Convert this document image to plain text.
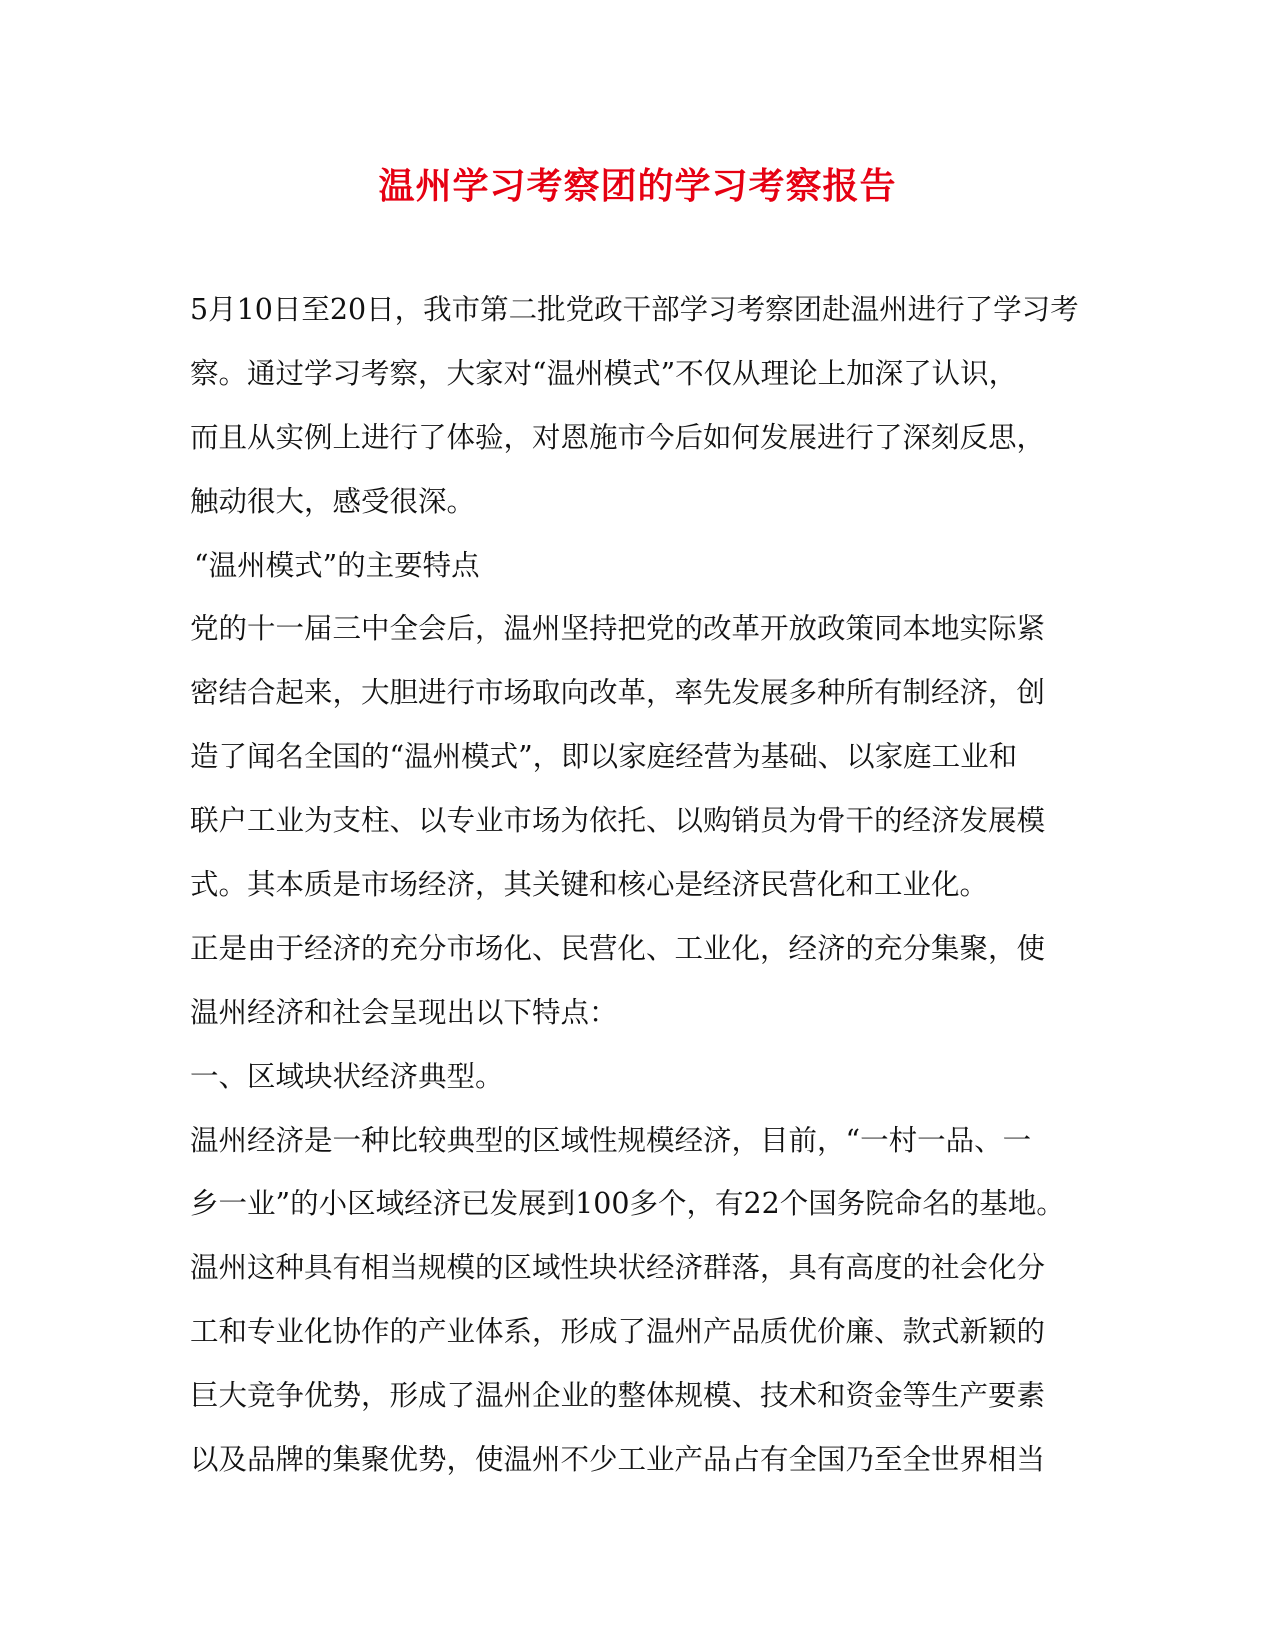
温州学习考察团的学习考察报告
5月10日至20日，我市第二批党政干部学习考察团赴温州进行了学习考
察。通过学习考察，大家对“温州模式”不仅从理论上加深了认识，
而且从实例上进行了体验，对恩施市今后如何发展进行了深刻反思，
触动很大，感受很深。
“温州模式”的主要特点
党的十一届三中全会后，温州坚持把党的改革开放政策同本地实际紧
密结合起来，大胆进行市场取向改革，率先发展多种所有制经济，创
造了闻名全国的“温州模式”，即以家庭经营为基础、以家庭工业和
联户工业为支柱、以专业市场为依托、以购销员为骨干的经济发展模
式。其本质是市场经济，其关键和核心是经济民营化和工业化。
正是由于经济的充分市场化、民营化、工业化，经济的充分集聚，使
温州经济和社会呈现出以下特点：
一、区域块状经济典型。
温州经济是一种比较典型的区域性规模经济，目前，“一村一品、一
乡一业”的小区域经济已发展到100多个，有22个国务院命名的基地。
温州这种具有相当规模的区域性块状经济群落，具有高度的社会化分
工和专业化协作的产业体系，形成了温州产品质优价廉、款式新颖的
巨大竞争优势，形成了温州企业的整体规模、技术和资金等生产要素
以及品牌的集聚优势，使温州不少工业产品占有全国乃至全世界相当
